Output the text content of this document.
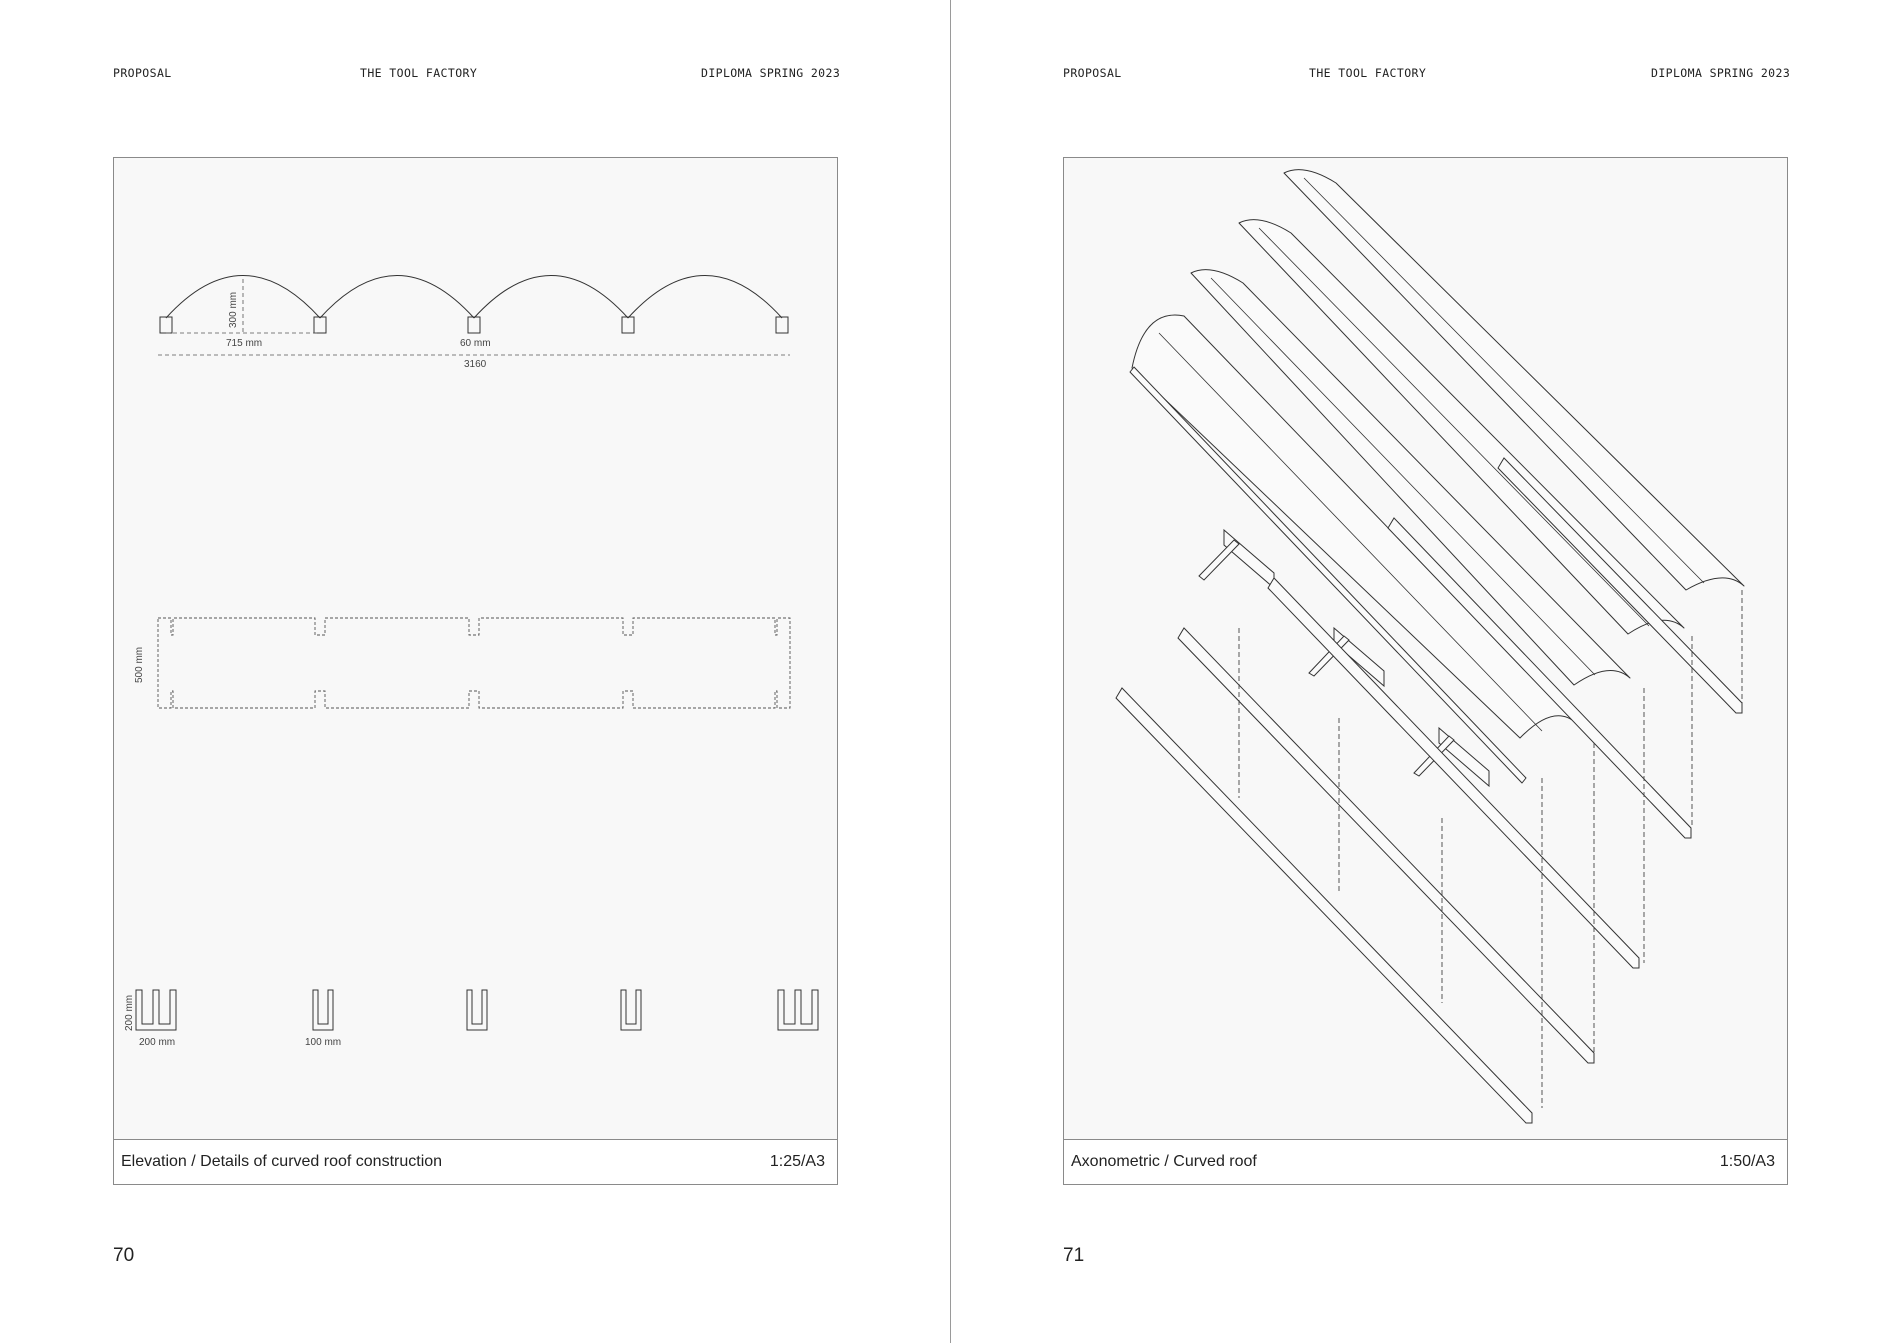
PROPOSAL	THE TOOL FACTORY	DIPLOMA SPRING 2023
300 mm
715 mm	60 mm
3160
500 mm
200 mm
200 mm	100 mm
Elevation / Details of curved roof construction	1:25/A3
70
PROPOSAL	THE TOOL FACTORY	DIPLOMA SPRING 2023
Axonometric / Curved roof	1:50/A3
71
